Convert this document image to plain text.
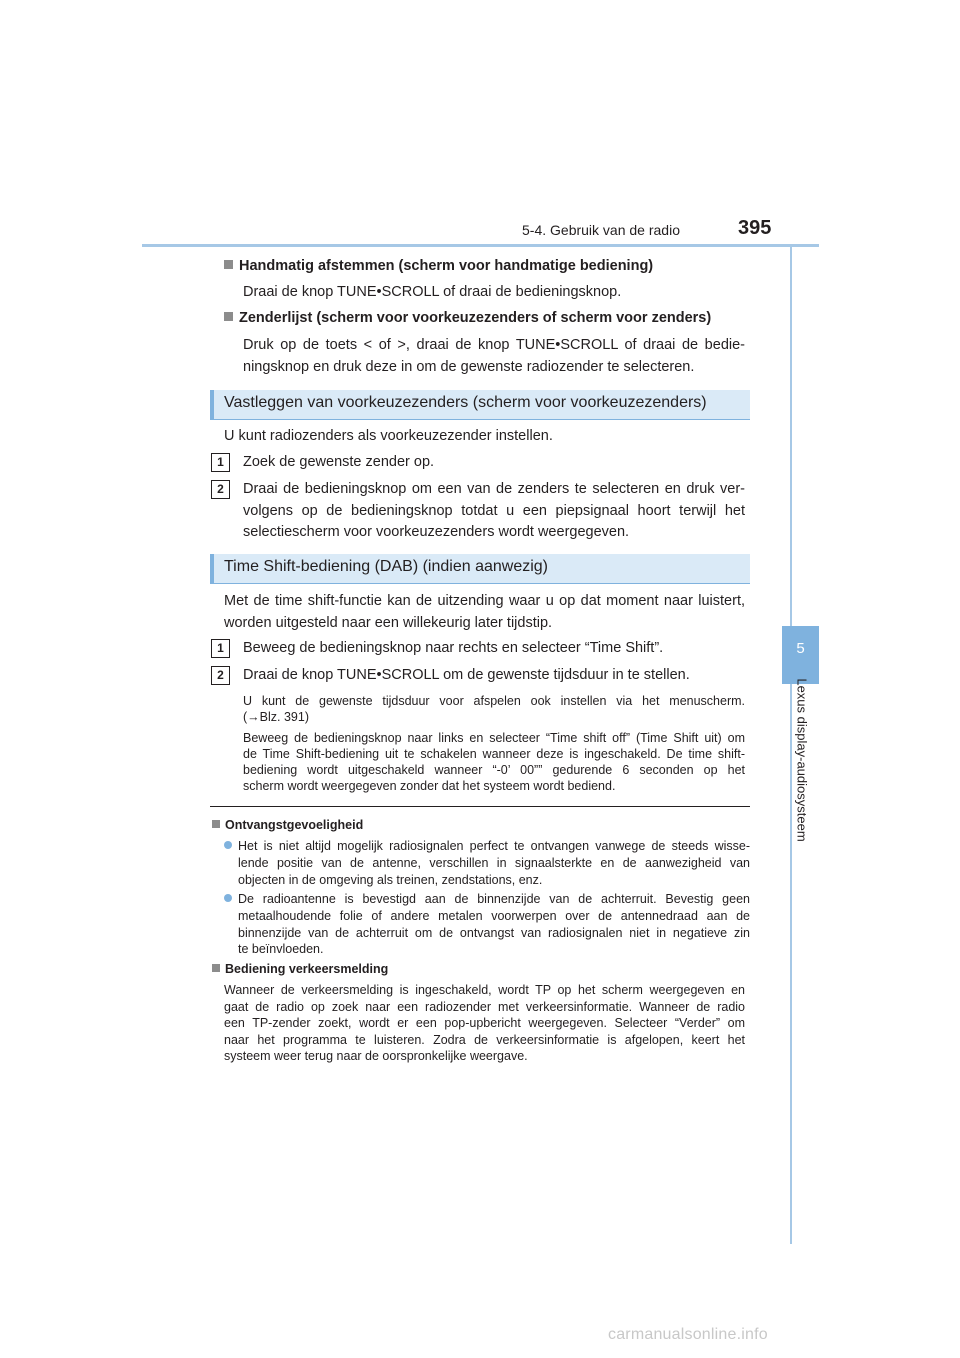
5-4. Gebruik van de radio	395
5
Lexus display-audiosysteem
Handmatig afstemmen (scherm voor handmatige bediening)
Draai de knop TUNE•SCROLL of draai de bedieningsknop.
Zenderlijst (scherm voor voorkeuzezenders of scherm voor zenders)
Druk op de toets < of >, draai de knop TUNE•SCROLL of draai de bedie-
ningsknop en druk deze in om de gewenste radiozender te selecteren.
Vastleggen van voorkeuzezenders (scherm voor voorkeuzezenders)
U kunt radiozenders als voorkeuzezender instellen.
1	Zoek de gewenste zender op.
2	Draai de bedieningsknop om een van de zenders te selecteren en druk ver-
volgens op de bedieningsknop totdat u een piepsignaal hoort terwijl het
selectiescherm voor voorkeuzezenders wordt weergegeven.
Time Shift-bediening (DAB) (indien aanwezig)
Met de time shift-functie kan de uitzending waar u op dat moment naar luistert,
worden uitgesteld naar een willekeurig later tijdstip.
1	Beweeg de bedieningsknop naar rechts en selecteer “Time Shift”.
2	Draai de knop TUNE•SCROLL om de gewenste tijdsduur in te stellen.
U kunt de gewenste tijdsduur voor afspelen ook instellen via het menuscherm.
(→Blz. 391)
Beweeg de bedieningsknop naar links en selecteer “Time shift off” (Time Shift uit) om
de Time Shift-bediening uit te schakelen wanneer deze is ingeschakeld. De time shift-
bediening wordt uitgeschakeld wanneer “-0’ 00”” gedurende 6 seconden op het
scherm wordt weergegeven zonder dat het systeem wordt bediend.
Ontvangstgevoeligheid
Het is niet altijd mogelijk radiosignalen perfect te ontvangen vanwege de steeds wisse-
lende positie van de antenne, verschillen in signaalsterkte en de aanwezigheid van
objecten in de omgeving als treinen, zendstations, enz.
De radioantenne is bevestigd aan de binnenzijde van de achterruit. Bevestig geen
metaalhoudende folie of andere metalen voorwerpen over de antennedraad aan de
binnenzijde van de achterruit om de ontvangst van radiosignalen niet in negatieve zin
te beïnvloeden.
Bediening verkeersmelding
Wanneer de verkeersmelding is ingeschakeld, wordt TP op het scherm weergegeven en
gaat de radio op zoek naar een radiozender met verkeersinformatie. Wanneer de radio
een TP-zender zoekt, wordt er een pop-upbericht weergegeven. Selecteer “Verder” om
naar het programma te luisteren. Zodra de verkeersinformatie is afgelopen, keert het
systeem weer terug naar de oorspronkelijke weergave.
carmanualsonline.info
